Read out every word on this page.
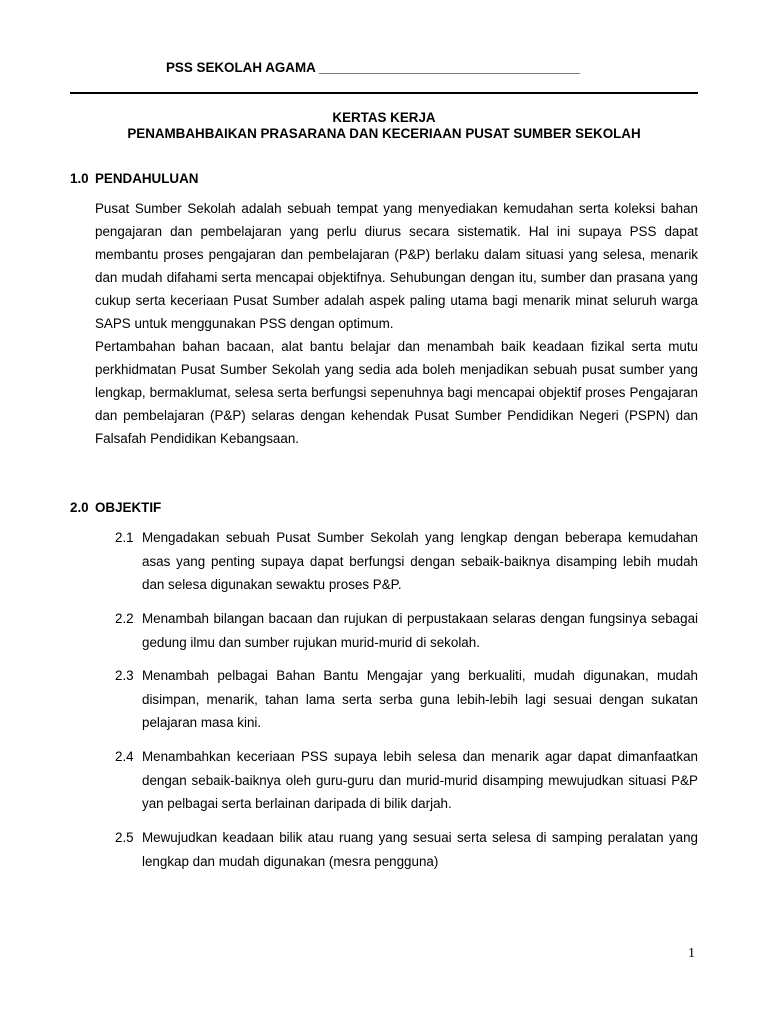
PSS SEKOLAH AGAMA ___________________________________
KERTAS KERJA
PENAMBAHBAIKAN PRASARANA DAN KECERIAAN PUSAT SUMBER SEKOLAH
1.0 PENDAHULUAN

Pusat Sumber Sekolah adalah sebuah tempat yang menyediakan kemudahan serta koleksi bahan pengajaran dan pembelajaran yang perlu diurus secara sistematik. Hal ini supaya PSS dapat membantu proses pengajaran dan pembelajaran (P&P) berlaku dalam situasi yang selesa, menarik dan mudah difahami serta mencapai objektifnya. Sehubungan dengan itu, sumber dan prasana yang cukup serta keceriaan Pusat Sumber adalah aspek paling utama bagi menarik minat seluruh warga SAPS untuk menggunakan PSS dengan optimum.

Pertambahan bahan bacaan, alat bantu belajar dan menambah baik keadaan fizikal serta mutu perkhidmatan Pusat Sumber Sekolah yang sedia ada boleh menjadikan sebuah pusat sumber yang lengkap, bermaklumat, selesa serta berfungsi sepenuhnya bagi mencapai objektif proses Pengajaran dan pembelajaran (P&P) selaras dengan kehendak Pusat Sumber Pendidikan Negeri (PSPN) dan Falsafah Pendidikan Kebangsaan.

2.0 OBJEKTIF
2.1 Mengadakan sebuah Pusat Sumber Sekolah yang lengkap dengan beberapa kemudahan asas yang penting supaya dapat berfungsi dengan sebaik-baiknya disamping lebih mudah dan selesa digunakan sewaktu proses P&P.
2.2 Menambah bilangan bacaan dan rujukan di perpustakaan selaras dengan fungsinya sebagai gedung ilmu dan sumber rujukan murid-murid di sekolah.
2.3 Menambah pelbagai Bahan Bantu Mengajar yang berkualiti, mudah digunakan, mudah disimpan, menarik, tahan lama serta serba guna lebih-lebih lagi sesuai dengan sukatan pelajaran masa kini.
2.4 Menambahkan keceriaan PSS supaya lebih selesa dan menarik agar dapat dimanfaatkan dengan sebaik-baiknya oleh guru-guru dan murid-murid disamping mewujudkan situasi P&P yan pelbagai serta berlainan daripada di bilik darjah.
2.5 Mewujudkan keadaan bilik atau ruang yang sesuai serta selesa di samping peralatan yang lengkap dan mudah digunakan (mesra pengguna)
1
